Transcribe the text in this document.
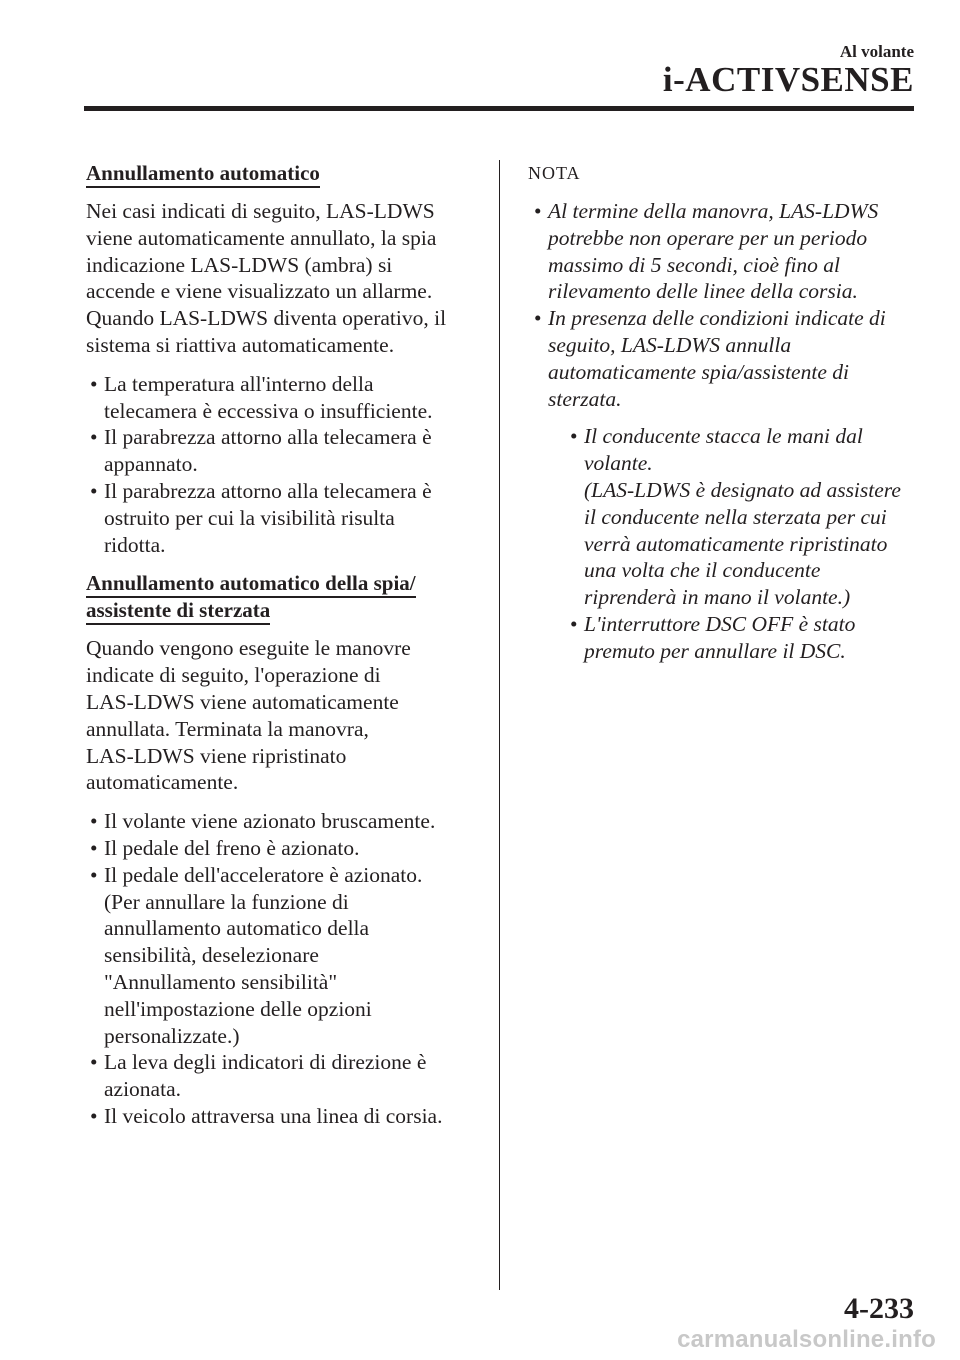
Al volante
i-ACTIVSENSE
Annullamento automatico
Nei casi indicati di seguito, LAS-LDWS
viene automaticamente annullato, la spia
indicazione LAS-LDWS (ambra) si
accende e viene visualizzato un allarme.
Quando LAS-LDWS diventa operativo, il
sistema si riattiva automaticamente.
• La temperatura all'interno della
telecamera è eccessiva o insufficiente.
• Il parabrezza attorno alla telecamera è
appannato.
• Il parabrezza attorno alla telecamera è
ostruito per cui la visibilità risulta
ridotta.
Annullamento automatico della spia/
assistente di sterzata
Quando vengono eseguite le manovre
indicate di seguito, l'operazione di
LAS-LDWS viene automaticamente
annullata. Terminata la manovra,
LAS-LDWS viene ripristinato
automaticamente.
• Il volante viene azionato bruscamente.
• Il pedale del freno è azionato.
• Il pedale dell'acceleratore è azionato.
(Per annullare la funzione di
annullamento automatico della
sensibilità, deselezionare
"Annullamento sensibilità"
nell'impostazione delle opzioni
personalizzate.)
• La leva degli indicatori di direzione è
azionata.
• Il veicolo attraversa una linea di corsia.
NOTA
• Al termine della manovra, LAS-LDWS
potrebbe non operare per un periodo
massimo di 5 secondi, cioè fino al
rilevamento delle linee della corsia.
• In presenza delle condizioni indicate di
seguito, LAS-LDWS annulla
automaticamente spia/assistente di
sterzata.
• Il conducente stacca le mani dal
volante.
(LAS-LDWS è designato ad assistere
il conducente nella sterzata per cui
verrà automaticamente ripristinato
una volta che il conducente
riprenderà in mano il volante.)
• L'interruttore DSC OFF è stato
premuto per annullare il DSC.
4-233
carmanualsonline.info
